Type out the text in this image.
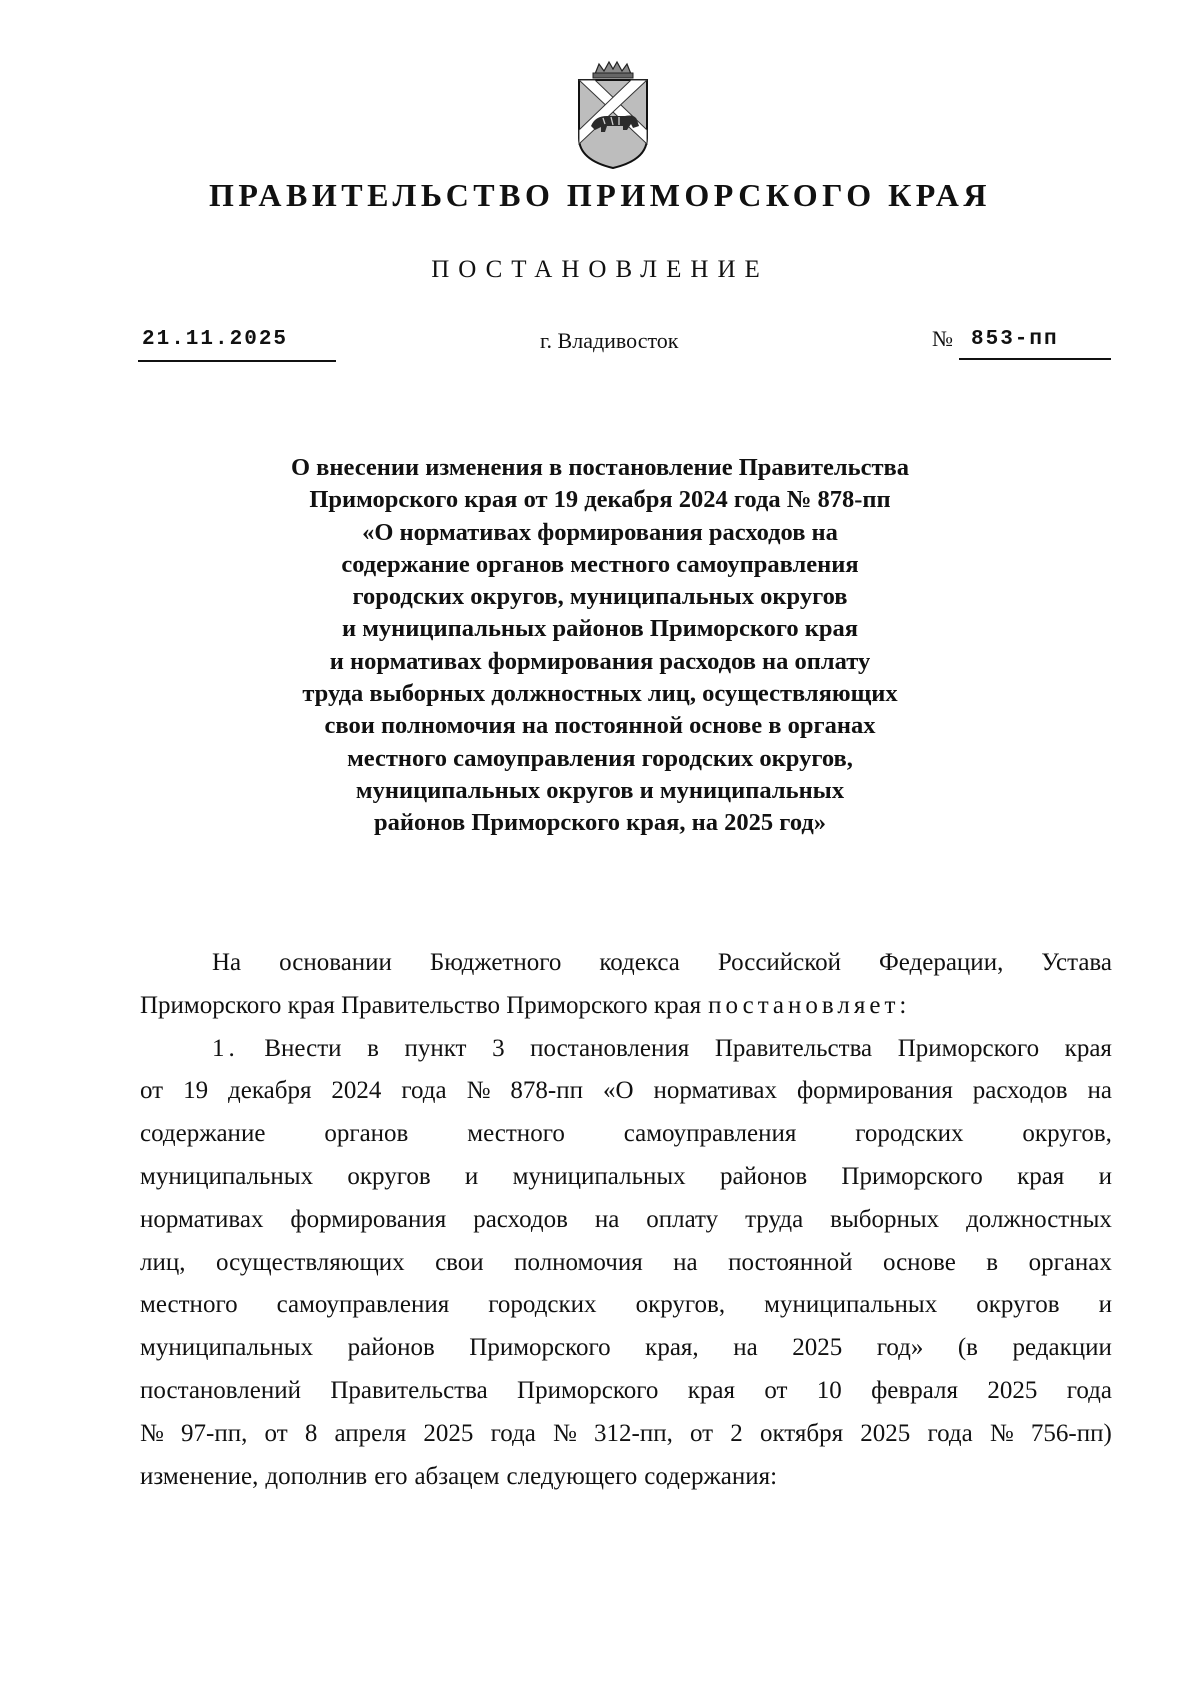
ПРАВИТЕЛЬСТВО ПРИМОРСКОГО КРАЯ
ПОСТАНОВЛЕНИЕ
21.11.2025	г. Владивосток	№ 853-пп
О внесении изменения в постановление Правительства
Приморского края от 19 декабря 2024 года № 878-пп
«О нормативах формирования расходов на
содержание органов местного самоуправления
городских округов, муниципальных округов
и муниципальных районов Приморского края
и нормативах формирования расходов на оплату
труда выборных должностных лиц, осуществляющих
свои полномочия на постоянной основе в органах
местного самоуправления городских округов,
муниципальных округов и муниципальных
районов Приморского края, на 2025 год»
На основании Бюджетного кодекса Российской Федерации, Устава
Приморского края Правительство Приморского края постановляет:
1. Внести в пункт 3 постановления Правительства Приморского края
от 19 декабря 2024 года № 878-пп «О нормативах формирования расходов на
содержание органов местного самоуправления городских округов,
муниципальных округов и муниципальных районов Приморского края и
нормативах формирования расходов на оплату труда выборных должностных
лиц, осуществляющих свои полномочия на постоянной основе в органах
местного самоуправления городских округов, муниципальных округов и
муниципальных районов Приморского края, на 2025 год» (в редакции
постановлений Правительства Приморского края от 10 февраля 2025 года
№ 97-пп, от 8 апреля 2025 года № 312-пп, от 2 октября 2025 года № 756-пп)
изменение, дополнив его абзацем следующего содержания:
